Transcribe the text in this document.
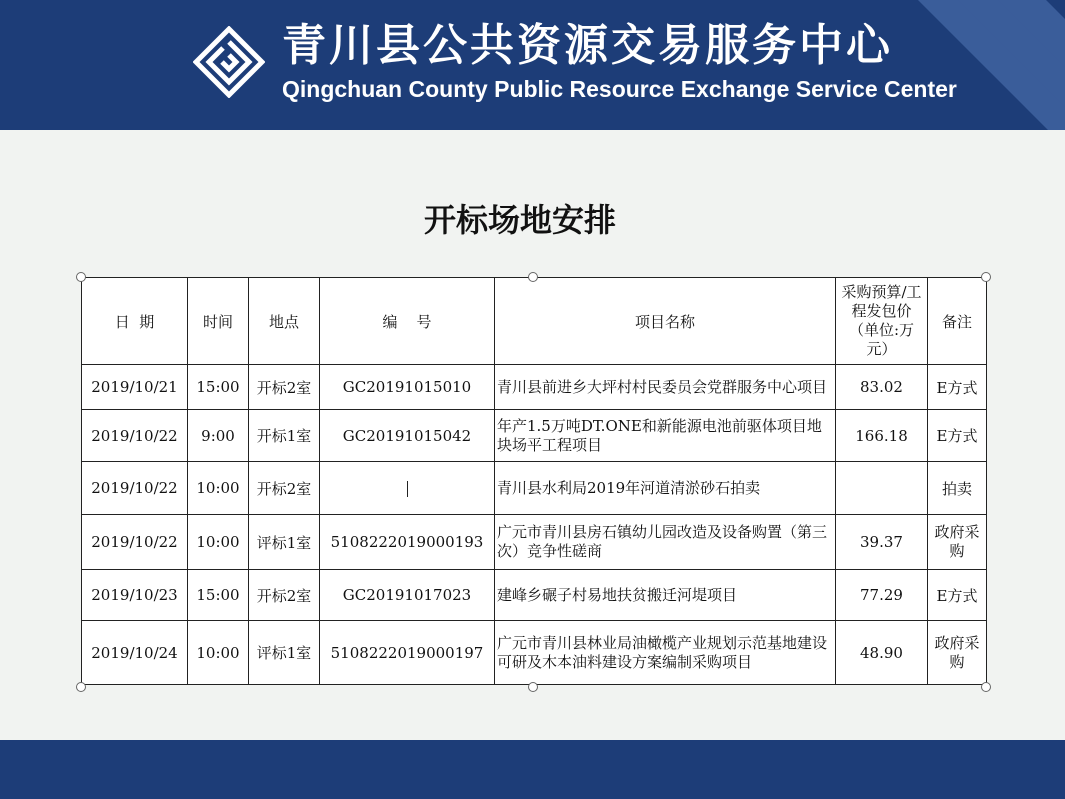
青川县公共资源交易服务中心

Qingchuan County Public Resource Exchange Service Center

开标场地安排
日  期	时间	地点	编    号	项目名称	采购预算/工程发包价（单位:万元）	备注
2019/10/21	15:00	开标2室	GC20191015010	青川县前进乡大坪村村民委员会党群服务中心项目	83.02	E方式
2019/10/22	9:00	开标1室	GC20191015042	年产1.5万吨DT.ONE和新能源电池前驱体项目地块场平工程项目	166.18	E方式
2019/10/22	10:00	开标2室		青川县水利局2019年河道清淤砂石拍卖		拍卖
2019/10/22	10:00	评标1室	5108222019000193	广元市青川县房石镇幼儿园改造及设备购置（第三次）竞争性磋商	39.37	政府采购
2019/10/23	15:00	开标2室	GC20191017023	建峰乡碾子村易地扶贫搬迁河堤项目	77.29	E方式
2019/10/24	10:00	评标1室	5108222019000197	广元市青川县林业局油橄榄产业规划示范基地建设可研及木本油料建设方案编制采购项目	48.90	政府采购
